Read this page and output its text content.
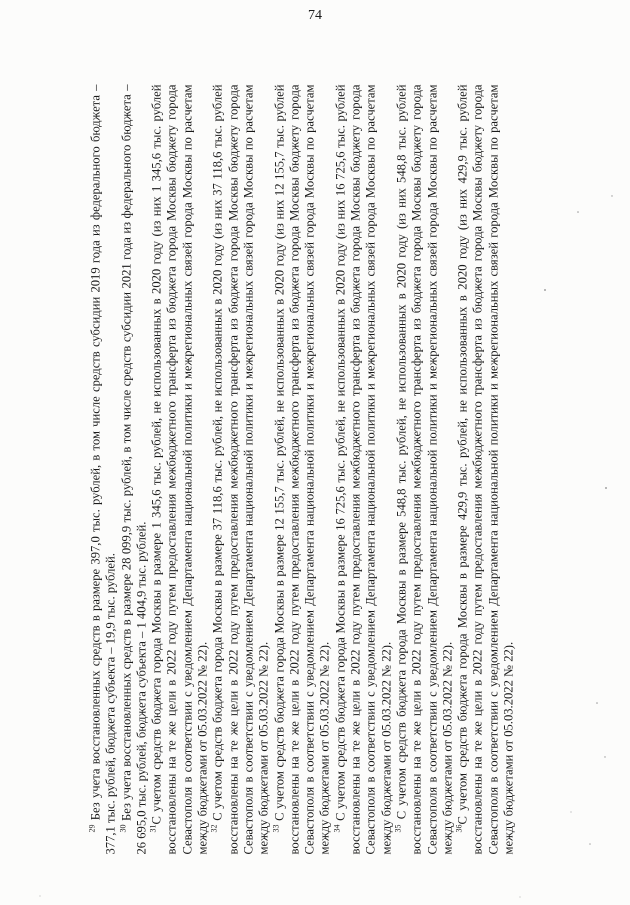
74

$^{29}$ Без учета восстановленных средств в размере 397,0 тыс. рублей, в том числе средств субсидии 2019 года из федерального бюджета – 377,1 тыс. рублей, бюджета субъекта – 19,9 тыс. рублей. $^{30}$ Без учета восстановленных средств в размере 28 099,9 тыс. рублей, в том числе средств субсидии 2021 года из федерального бюджета – 26 695,0 тыс. рублей, бюджета субъекта – 1 404,9 тыс. рублей. $^{31}$С учетом средств бюджета города Москвы в размере 1 345,6 тыс. рублей, не использованных в 2020 году (из них 1 345,6 тыс. рублей восстановлены на те же цели в 2022 году путем предоставления межбюджетного трансферта из бюджета города Москвы бюджету города Севастополя в соответствии с уведомлением Департамента национальной политики и межрегиональных связей города Москвы по расчетам между бюджетами от 05.03.2022 № 22). $^{32}$ С учетом средств бюджета города Москвы в размере 37 118,6 тыс. рублей, не использованных в 2020 году (из них 37 118,6 тыс. рублей восстановлены на те же цели в 2022 году путем предоставления межбюджетного трансферта из бюджета города Москвы бюджету города Севастополя в соответствии с уведомлением Департамента национальной политики и межрегиональных связей города Москвы по расчетам между бюджетами от 05.03.2022 № 22). $^{33}$ С учетом средств бюджета города Москвы в размере 12 155,7 тыс. рублей, не использованных в 2020 году (из них 12 155,7 тыс. рублей восстановлены на те же цели в 2022 году путем предоставления межбюджетного трансферта из бюджета города Москвы бюджету города Севастополя в соответствии с уведомлением Департамента национальной политики и межрегиональных связей города Москвы по расчетам между бюджетами от 05.03.2022 № 22). $^{34}$ С учетом средств бюджета города Москвы в размере 16 725,6 тыс. рублей, не использованных в 2020 году (из них 16 725,6 тыс. рублей восстановлены на те же цели в 2022 году путем предоставления межбюджетного трансферта из бюджета города Москвы бюджету города Севастополя в соответствии с уведомлением Департамента национальной политики и межрегиональных связей города Москвы по расчетам между бюджетами от 05.03.2022 № 22). $^{35}$ С учетом средств бюджета города Москвы в размере 548,8 тыс. рублей, не использованных в 2020 году (из них 548,8 тыс. рублей восстановлены на те же цели в 2022 году путем предоставления межбюджетного трансферта из бюджета города Москвы бюджету города Севастополя в соответствии с уведомлением Департамента национальной политики и межрегиональных связей города Москвы по расчетам между бюджетами от 05.03.2022 № 22). $^{36}$С учетом средств бюджета города Москвы в размере 429,9 тыс. рублей, не использованных в 2020 году (из них 429,9 тыс. рублей восстановлены на те же цели в 2022 году путем предоставления межбюджетного трансферта из бюджета города Москвы бюджету города Севастополя в соответствии с уведомлением Департамента национальной политики и межрегиональных связей города Москвы по расчетам между бюджетами от 05.03.2022 № 22).
